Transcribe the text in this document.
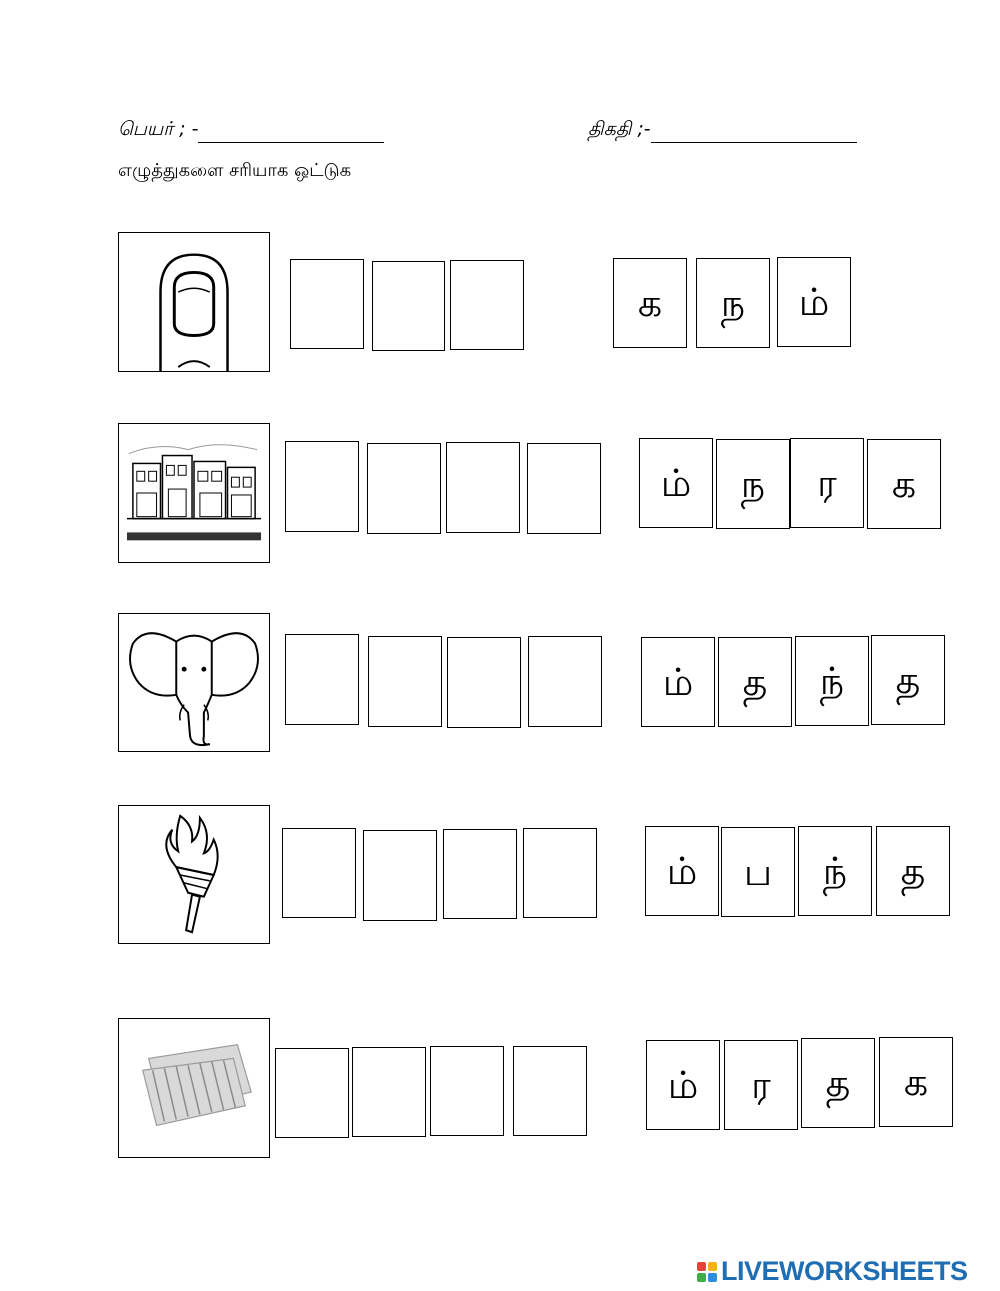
பெயர் ; -	திகதி ;-
எழுத்துகளை சரியாக ஒட்டுக
க ந ம்
ம் ந ர க
ம் த ந் த
ம் ப ந் த
ம் ர த க
LIVEWORKSHEETS
